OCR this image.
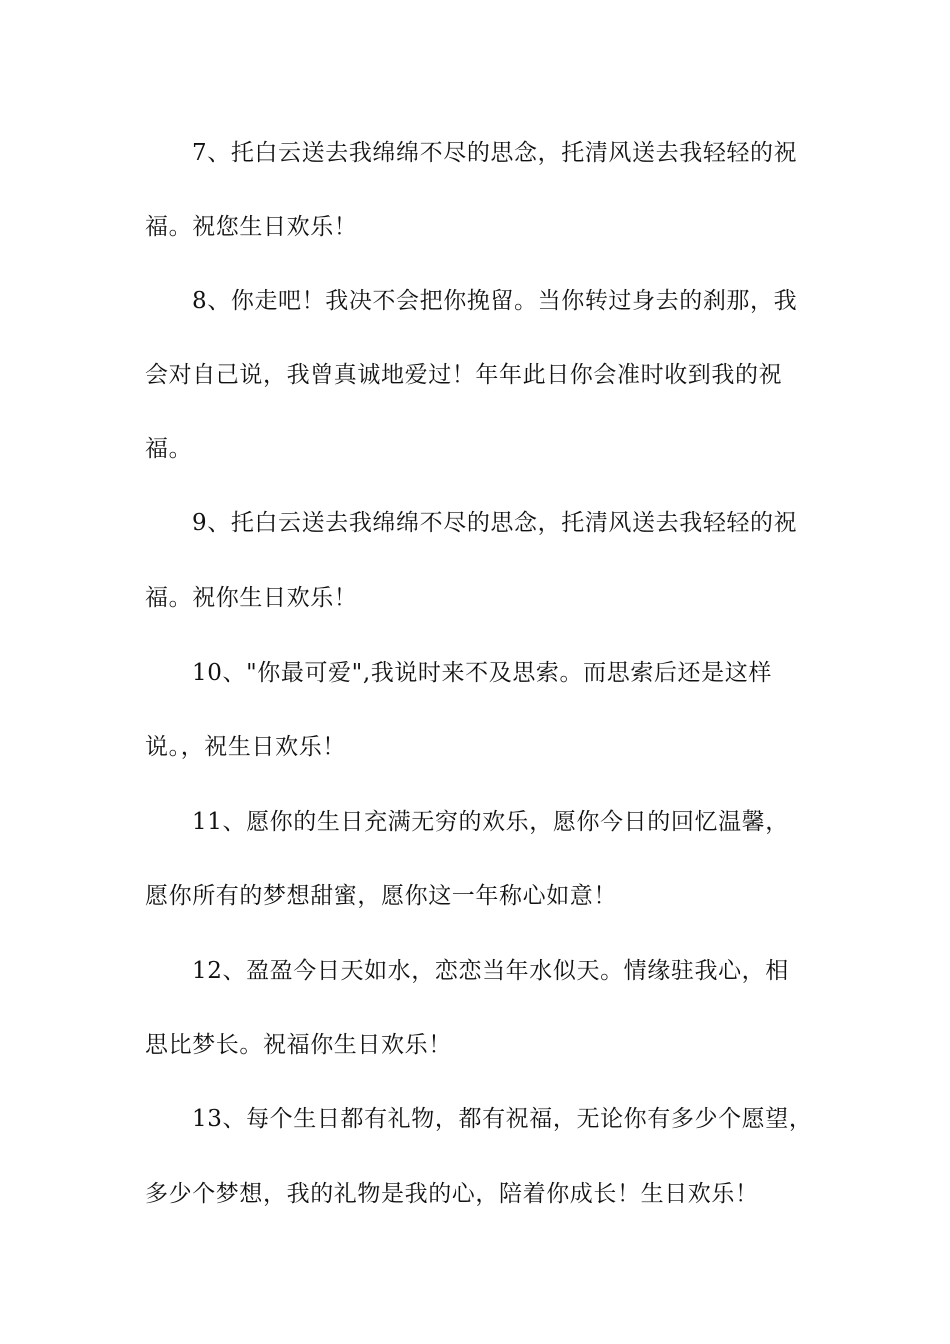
7、托白云送去我绵绵不尽的思念，托清风送去我轻轻的祝
福。祝您生日欢乐！
8、你走吧！我决不会把你挽留。当你转过身去的刹那，我
会对自己说，我曾真诚地爱过！年年此日你会准时收到我的祝
福。
9、托白云送去我绵绵不尽的思念，托清风送去我轻轻的祝
福。祝你生日欢乐！
10、"你最可爱",我说时来不及思索。而思索后还是这样
说。，祝生日欢乐！
11、愿你的生日充满无穷的欢乐，愿你今日的回忆温馨，
愿你所有的梦想甜蜜，愿你这一年称心如意！
12、盈盈今日天如水，恋恋当年水似天。情缘驻我心，相
思比梦长。祝福你生日欢乐！
13、每个生日都有礼物，都有祝福，无论你有多少个愿望，
多少个梦想，我的礼物是我的心，陪着你成长！生日欢乐！
